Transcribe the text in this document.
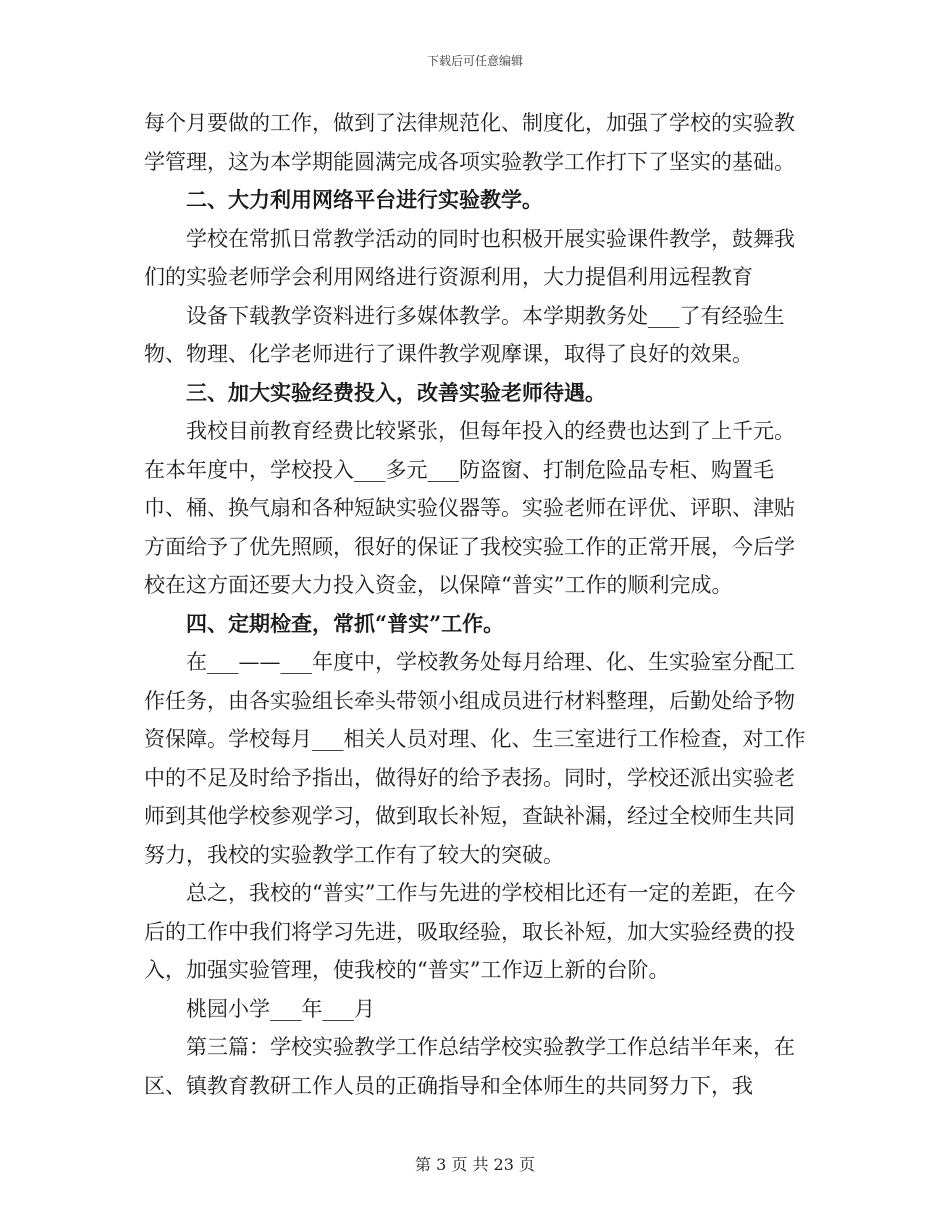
下载后可任意编辑

每个月要做的工作，做到了法律规范化、制度化，加强了学校的实验教学管理，这为本学期能圆满完成各项实验教学工作打下了坚实的基础。

二、大力利用网络平台进行实验教学。

学校在常抓日常教学活动的同时也积极开展实验课件教学，鼓舞我们的实验老师学会利用网络进行资源利用，大力提倡利用远程教育

设备下载教学资料进行多媒体教学。本学期教务处___了有经验生物、物理、化学老师进行了课件教学观摩课，取得了良好的效果。

三、加大实验经费投入，改善实验老师待遇。

我校目前教育经费比较紧张，但每年投入的经费也达到了上千元。在本年度中，学校投入___多元___防盗窗、打制危险品专柜、购置毛巾、桶、换气扇和各种短缺实验仪器等。实验老师在评优、评职、津贴方面给予了优先照顾，很好的保证了我校实验工作的正常开展，今后学校在这方面还要大力投入资金，以保障“普实”工作的顺利完成。

四、定期检查，常抓“普实”工作。

在___——___年度中，学校教务处每月给理、化、生实验室分配工作任务，由各实验组长牵头带领小组成员进行材料整理，后勤处给予物资保障。学校每月___相关人员对理、化、生三室进行工作检查，对工作中的不足及时给予指出，做得好的给予表扬。同时，学校还派出实验老师到其他学校参观学习，做到取长补短，查缺补漏，经过全校师生共同努力，我校的实验教学工作有了较大的突破。

总之，我校的“普实”工作与先进的学校相比还有一定的差距，在今后的工作中我们将学习先进，吸取经验，取长补短，加大实验经费的投入，加强实验管理，使我校的“普实”工作迈上新的台阶。

桃园小学___年___月

第三篇：学校实验教学工作总结学校实验教学工作总结半年来，在区、镇教育教研工作人员的正确指导和全体师生的共同努力下，我

第 3 页 共 23 页
